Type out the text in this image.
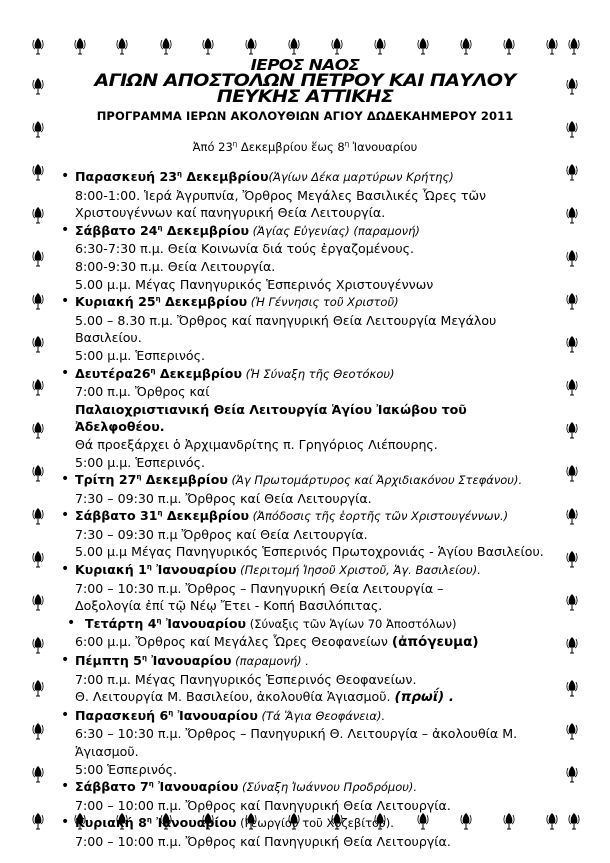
ΙΕΡΟΣ ΝΑΟΣ
ΑΓΙΩΝ ΑΠΟΣΤΟΛΩΝ ΠΕΤΡΟΥ ΚΑΙ ΠΑΥΛΟΥ
ΠΕΥΚΗΣ ΑΤΤΙΚΗΣ
ΠΡΟΓΡΑΜΜΑ ΙΕΡΩΝ ΑΚΟΛΟΥΘΙΩΝ ΑΓΙΟΥ ΔΩΔΕΚΑΗΜΕΡΟΥ 2011
Ἀπό $23^\eta$ Δεκεμβρίου ἕως $8^\eta$ Ἰανουαρίου
• Παρασκευή $23^\eta$ Δεκεμβρίου(Ἁγίων Δέκα μαρτύρων Κρήτης)
8:00-1:00. Ἱερά Ἀγρυπνία, Ὄρθρος Μεγάλες Βασιλικές Ὧρες τῶν Χριστουγέννων καί πανηγυρική Θεία Λειτουργία.
• Σάββατο $24^\eta$ Δεκεμβρίου (Ἁγίας Εὐγενίας) (παραμονή)
6:30-7:30 π.μ. Θεία Κοινωνία διά τούς ἐργαζομένους.
8:00-9:30 π.μ. Θεία Λειτουργία.
5.00 μ.μ. Μέγας Πανηγυρικός Ἑσπερινός Χριστουγέννων
• Κυριακή $25^\eta$ Δεκεμβρίου (Ἡ Γέννησις τοῦ Χριστοῦ)
5.00 – 8.30 π.μ. Ὄρθρος καί πανηγυρική Θεία Λειτουργία Μεγάλου Βασιλείου.
5:00 μ.μ. Ἑσπερινός.
• $\Delta\varepsilon\upsilon\tau έ\rho\alpha 26^\eta$ Δεκεμβρίου (Ἡ Σύναξη τῆς Θεοτόκου)
7:00 π.μ. Ὄρθρος καί
Παλαιοχριστιανική Θεία Λειτουργία Ἁγίου Ἰακώβου τοῦ Ἀδελφοθέου.
Θά προεξάρχει ὁ Ἀρχιμανδρίτης π. Γρηγόριος Λιέπουρης.
5:00 μ.μ. Ἑσπερινός.
• Τρίτη $27^\eta$ Δεκεμβρίου (Ἁγ Πρωτομάρτυρος καί Ἀρχιδιακόνου Στεφάνου).
7:30 – 09:30 π.μ. Ὄρθρος καί Θεία Λειτουργία.
• Σάββατο $31^\eta$ Δεκεμβρίου (Ἀπόδοσις τῆς ἑορτῆς τῶν Χριστουγέννων.)
7:30 – 09:30 π.μ Ὄρθρος καί Θεία Λειτουργία.
5.00 μ.μ Μέγας Πανηγυρικός Ἑσπερινός Πρωτοχρονιάς - Ἁγίου Βασιλείου.
• Κυριακή $1^\eta$ Ἰανουαρίου (Περιτομή Ἰησοῦ Χριστοῦ, Ἁγ. Βασιλείου).
7:00 – 10:30 π.μ. Ὄρθρος – Πανηγυρική Θεία Λειτουργία –
Δοξολογία ἐπί τῷ Νέῳ Ἔτει - Κοπή Βασιλόπιτας.
• Τετάρτη $4^\eta$ Ἰανουαρίου (Σύναξις τῶν Ἁγίων 70 Ἀποστόλων)
6:00 μ.μ. Ὄρθρος καί Μεγάλες Ὧρες Θεοφανείων (ἀπόγευμα)
• Πέμπτη $5^\eta$ Ἰανουαρίου (παραμονή) .
7:00 π.μ. Μέγας Πανηγυρικός Ἑσπερινός Θεοφανείων.
Θ. Λειτουργία Μ. Βασιλείου, ἀκολουθία Ἁγιασμοῦ. (πρωΐ) .
• Παρασκευή $6^\eta$ Ἰανουαρίου (Τά Ἅγια Θεοφάνεια).
6:30 – 10:30 π.μ. Ὄρθρος – Πανηγυρική Θ. Λειτουργία – ἀκολουθία Μ. Ἁγιασμοῦ.
5:00 Ἑσπερινός.
• Σάββατο $7^\eta$ Ἰανουαρίου (Σύναξη Ἰωάννου Προδρόμου).
7:00 – 10:00 π.μ. Ὄρθρος καί Πανηγυρική Θεία Λειτουργία.
• Κυριακή $8^\eta$ Ἰανουαρίου (Γεωργίου τοῦ Χοζεβίτου).
7:00 – 10:00 π.μ. Ὄρθρος καί Πανηγυρική Θεία Λειτουργία.
